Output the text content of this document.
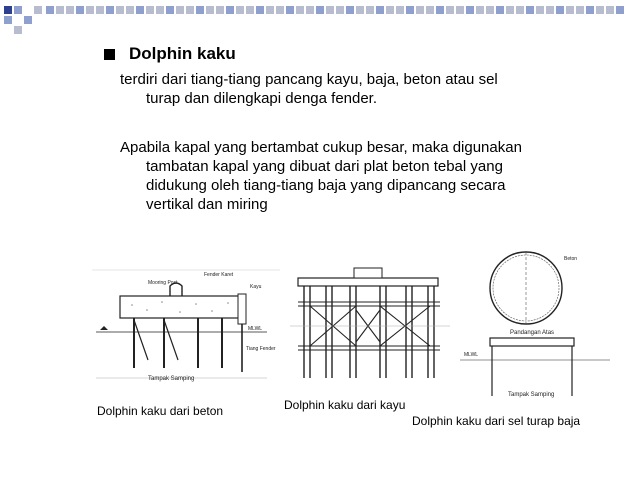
Dolphin kaku
terdiri dari tiang-tiang pancang kayu, baja, beton atau sel
turap dan dilengkapi denga fender.
Apabila kapal yang bertambat cukup besar, maka digunakan
tambatan kapal yang dibuat dari plat beton tebal yang
didukung oleh tiang-tiang baja yang dipancang secara
vertikal dan miring
Mooring Post
Fender Karet
Kayu
MLWL
Tiang Fender
Tampak Samping
Beton
Pandangan Atas
MLWL
Tampak Samping
Dolphin kaku dari beton	Dolphin kaku dari kayu
Dolphin kaku dari sel turap baja
